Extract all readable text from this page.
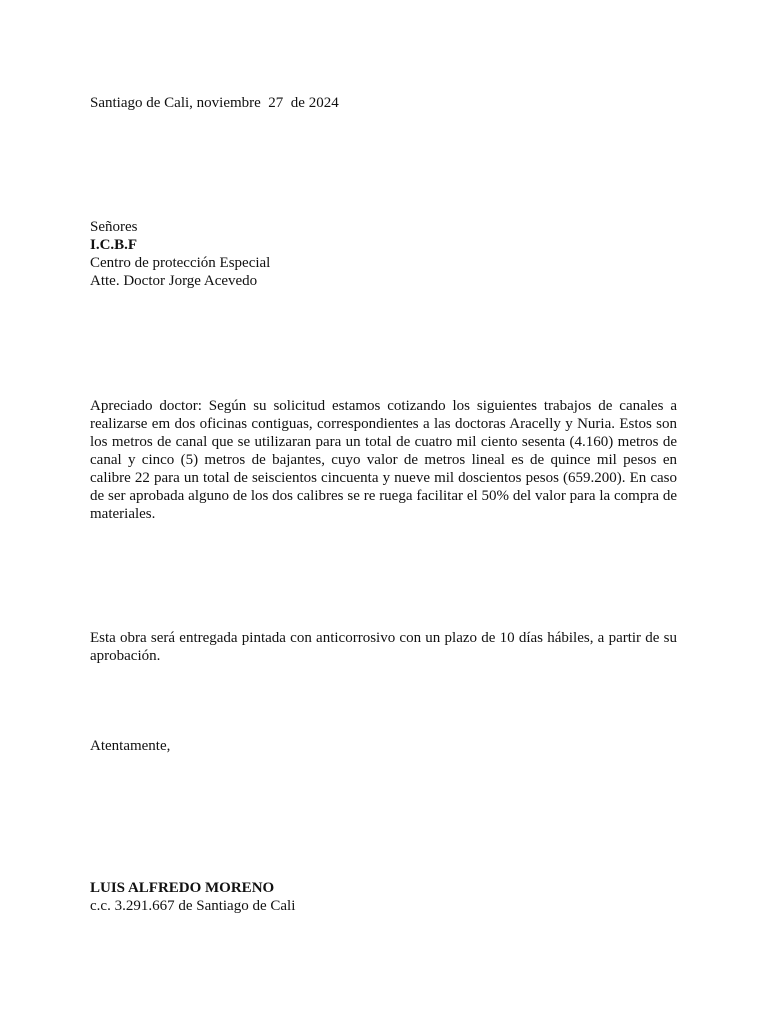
Santiago de Cali, noviembre  27  de 2024
Señores
I.C.B.F
Centro de protección Especial
Atte. Doctor Jorge Acevedo
Apreciado doctor: Según su solicitud estamos cotizando los siguientes trabajos de canales a realizarse em dos oficinas contiguas, correspondientes a las doctoras Aracelly y Nuria. Estos son los metros de canal que se utilizaran para un total de cuatro mil ciento sesenta (4.160) metros de canal y cinco (5) metros de bajantes, cuyo valor de metros lineal es de quince mil pesos en calibre 22 para un total de seiscientos cincuenta y nueve mil doscientos pesos (659.200). En caso de ser aprobada alguno de los dos calibres se re ruega facilitar el 50% del valor para la compra de materiales.
Esta obra será entregada pintada con anticorrosivo con un plazo de 10 días hábiles, a partir de su aprobación.
Atentamente,
LUIS ALFREDO MORENO
c.c. 3.291.667 de Santiago de Cali
